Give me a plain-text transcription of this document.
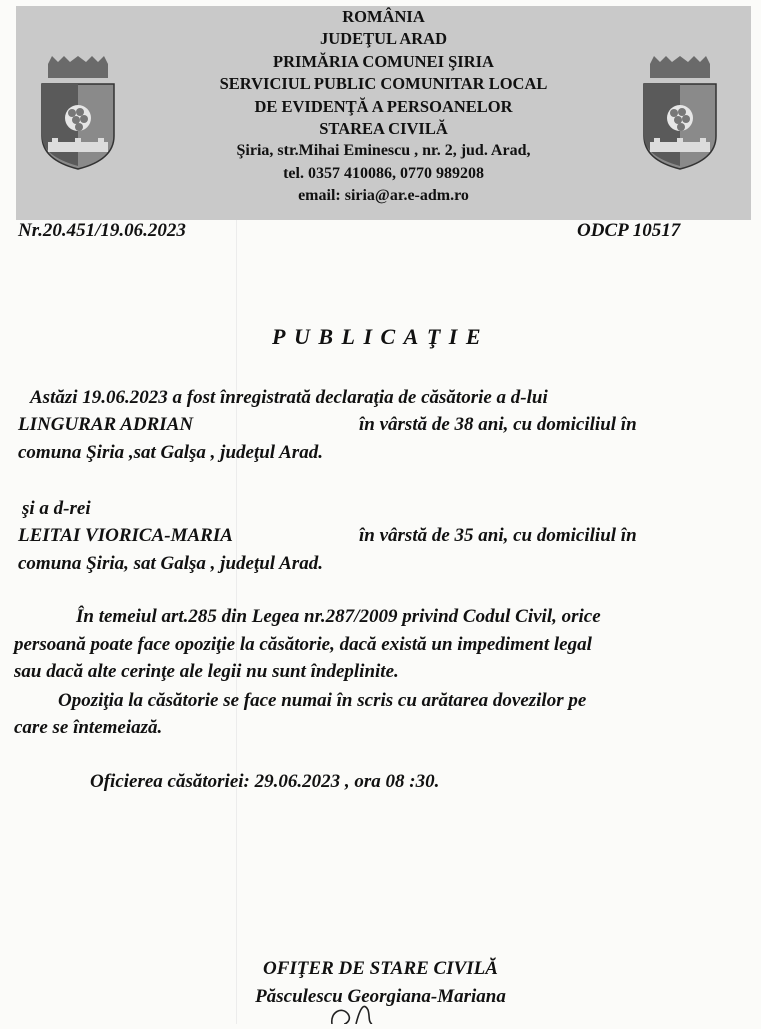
ROMÂNIA
JUDEŢUL ARAD
PRIMĂRIA COMUNEI ŞIRIA
SERVICIUL PUBLIC COMUNITAR LOCAL
DE EVIDENŢĂ A PERSOANELOR
STAREA CIVILĂ
Şiria, str.Mihai Eminescu , nr. 2, jud. Arad,
tel. 0357 410086, 0770 989208
email: siria@ar.e-adm.ro
Nr.20.451/19.06.2023	ODCP 10517
PUBLICAŢIE
Astăzi 19.06.2023 a fost înregistrată declaraţia de căsătorie a d-lui
LINGURAR ADRIAN	în vârstă de 38 ani, cu domiciliul în
comuna Şiria ,sat Galşa , judeţul Arad.
şi a d-rei
LEITAI VIORICA-MARIA	în vârstă de 35 ani, cu domiciliul în
comuna Şiria, sat Galşa , judeţul Arad.
În temeiul art.285 din Legea nr.287/2009 privind Codul Civil, orice
persoană poate face opoziţie la căsătorie, dacă există un impediment legal
sau dacă alte cerinţe ale legii nu sunt îndeplinite.
Opoziţia la căsătorie se face numai în scris cu arătarea dovezilor pe
care se întemeiază.
Oficierea căsătoriei: 29.06.2023 , ora 08 :30.
OFIŢER DE STARE CIVILĂ
Păsculescu Georgiana-Mariana
